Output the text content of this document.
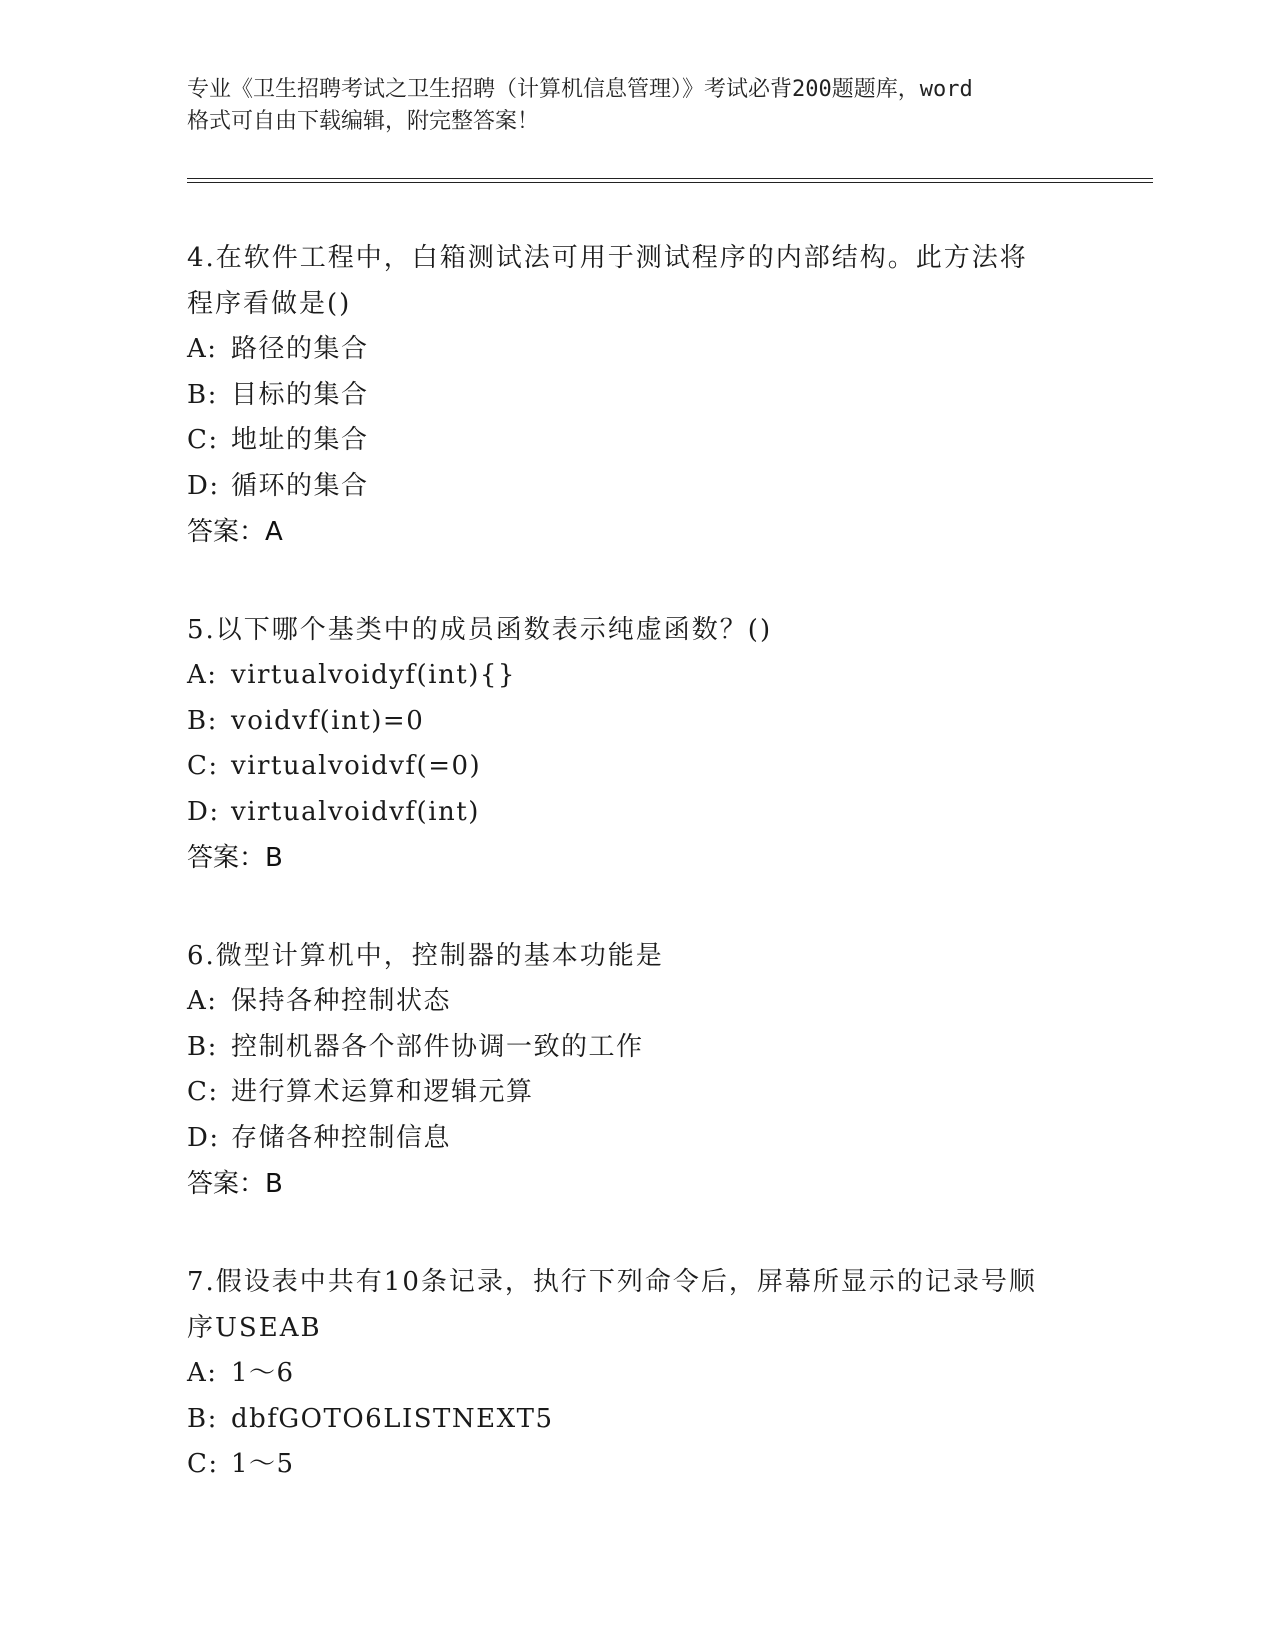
专业《卫生招聘考试之卫生招聘（计算机信息管理）》考试必背200题题库，word
格式可自由下载编辑，附完整答案！
4.在软件工程中，白箱测试法可用于测试程序的内部结构。此方法将
程序看做是()
A: 路径的集合
B: 目标的集合
C: 地址的集合
D: 循环的集合
答案：A
5.以下哪个基类中的成员函数表示纯虚函数？()
A: virtualvoidyf(int){}
B: voidvf(int)=0
C: virtualvoidvf(=0)
D: virtualvoidvf(int)
答案：B
6.微型计算机中，控制器的基本功能是
A: 保持各种控制状态
B: 控制机器各个部件协调一致的工作
C: 进行算术运算和逻辑元算
D: 存储各种控制信息
答案：B
7.假设表中共有10条记录，执行下列命令后，屏幕所显示的记录号顺
序USEAB
A: 1～6
B: dbfGOTO6LISTNEXT5
C: 1～5
